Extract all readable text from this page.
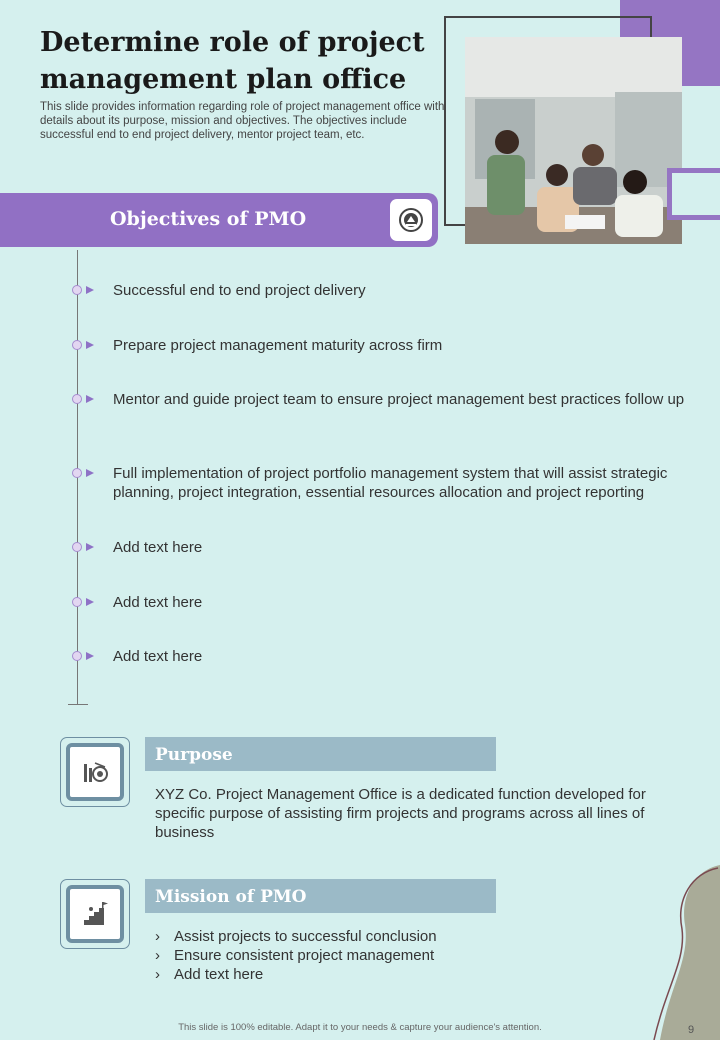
Determine role of project management plan office

This slide provides information regarding role of project management office with details about its purpose, mission and objectives. The objectives include successful end to end project delivery, mentor project team, etc.

Objectives of PMO
Successful end to end project delivery
Prepare project management maturity across firm
Mentor and guide project team to ensure project management best practices follow up
Full implementation of project portfolio management system that will assist strategic planning, project integration, essential resources allocation and project reporting
Add text here
Add text here
Add text here
Purpose
XYZ Co. Project Management Office is a dedicated function developed for specific purpose of assisting firm projects and programs across all lines of business
Mission of PMO
› Assist projects to successful conclusion
› Ensure consistent project management
› Add text here
This slide is 100% editable. Adapt it to your needs & capture your audience's attention.	9
